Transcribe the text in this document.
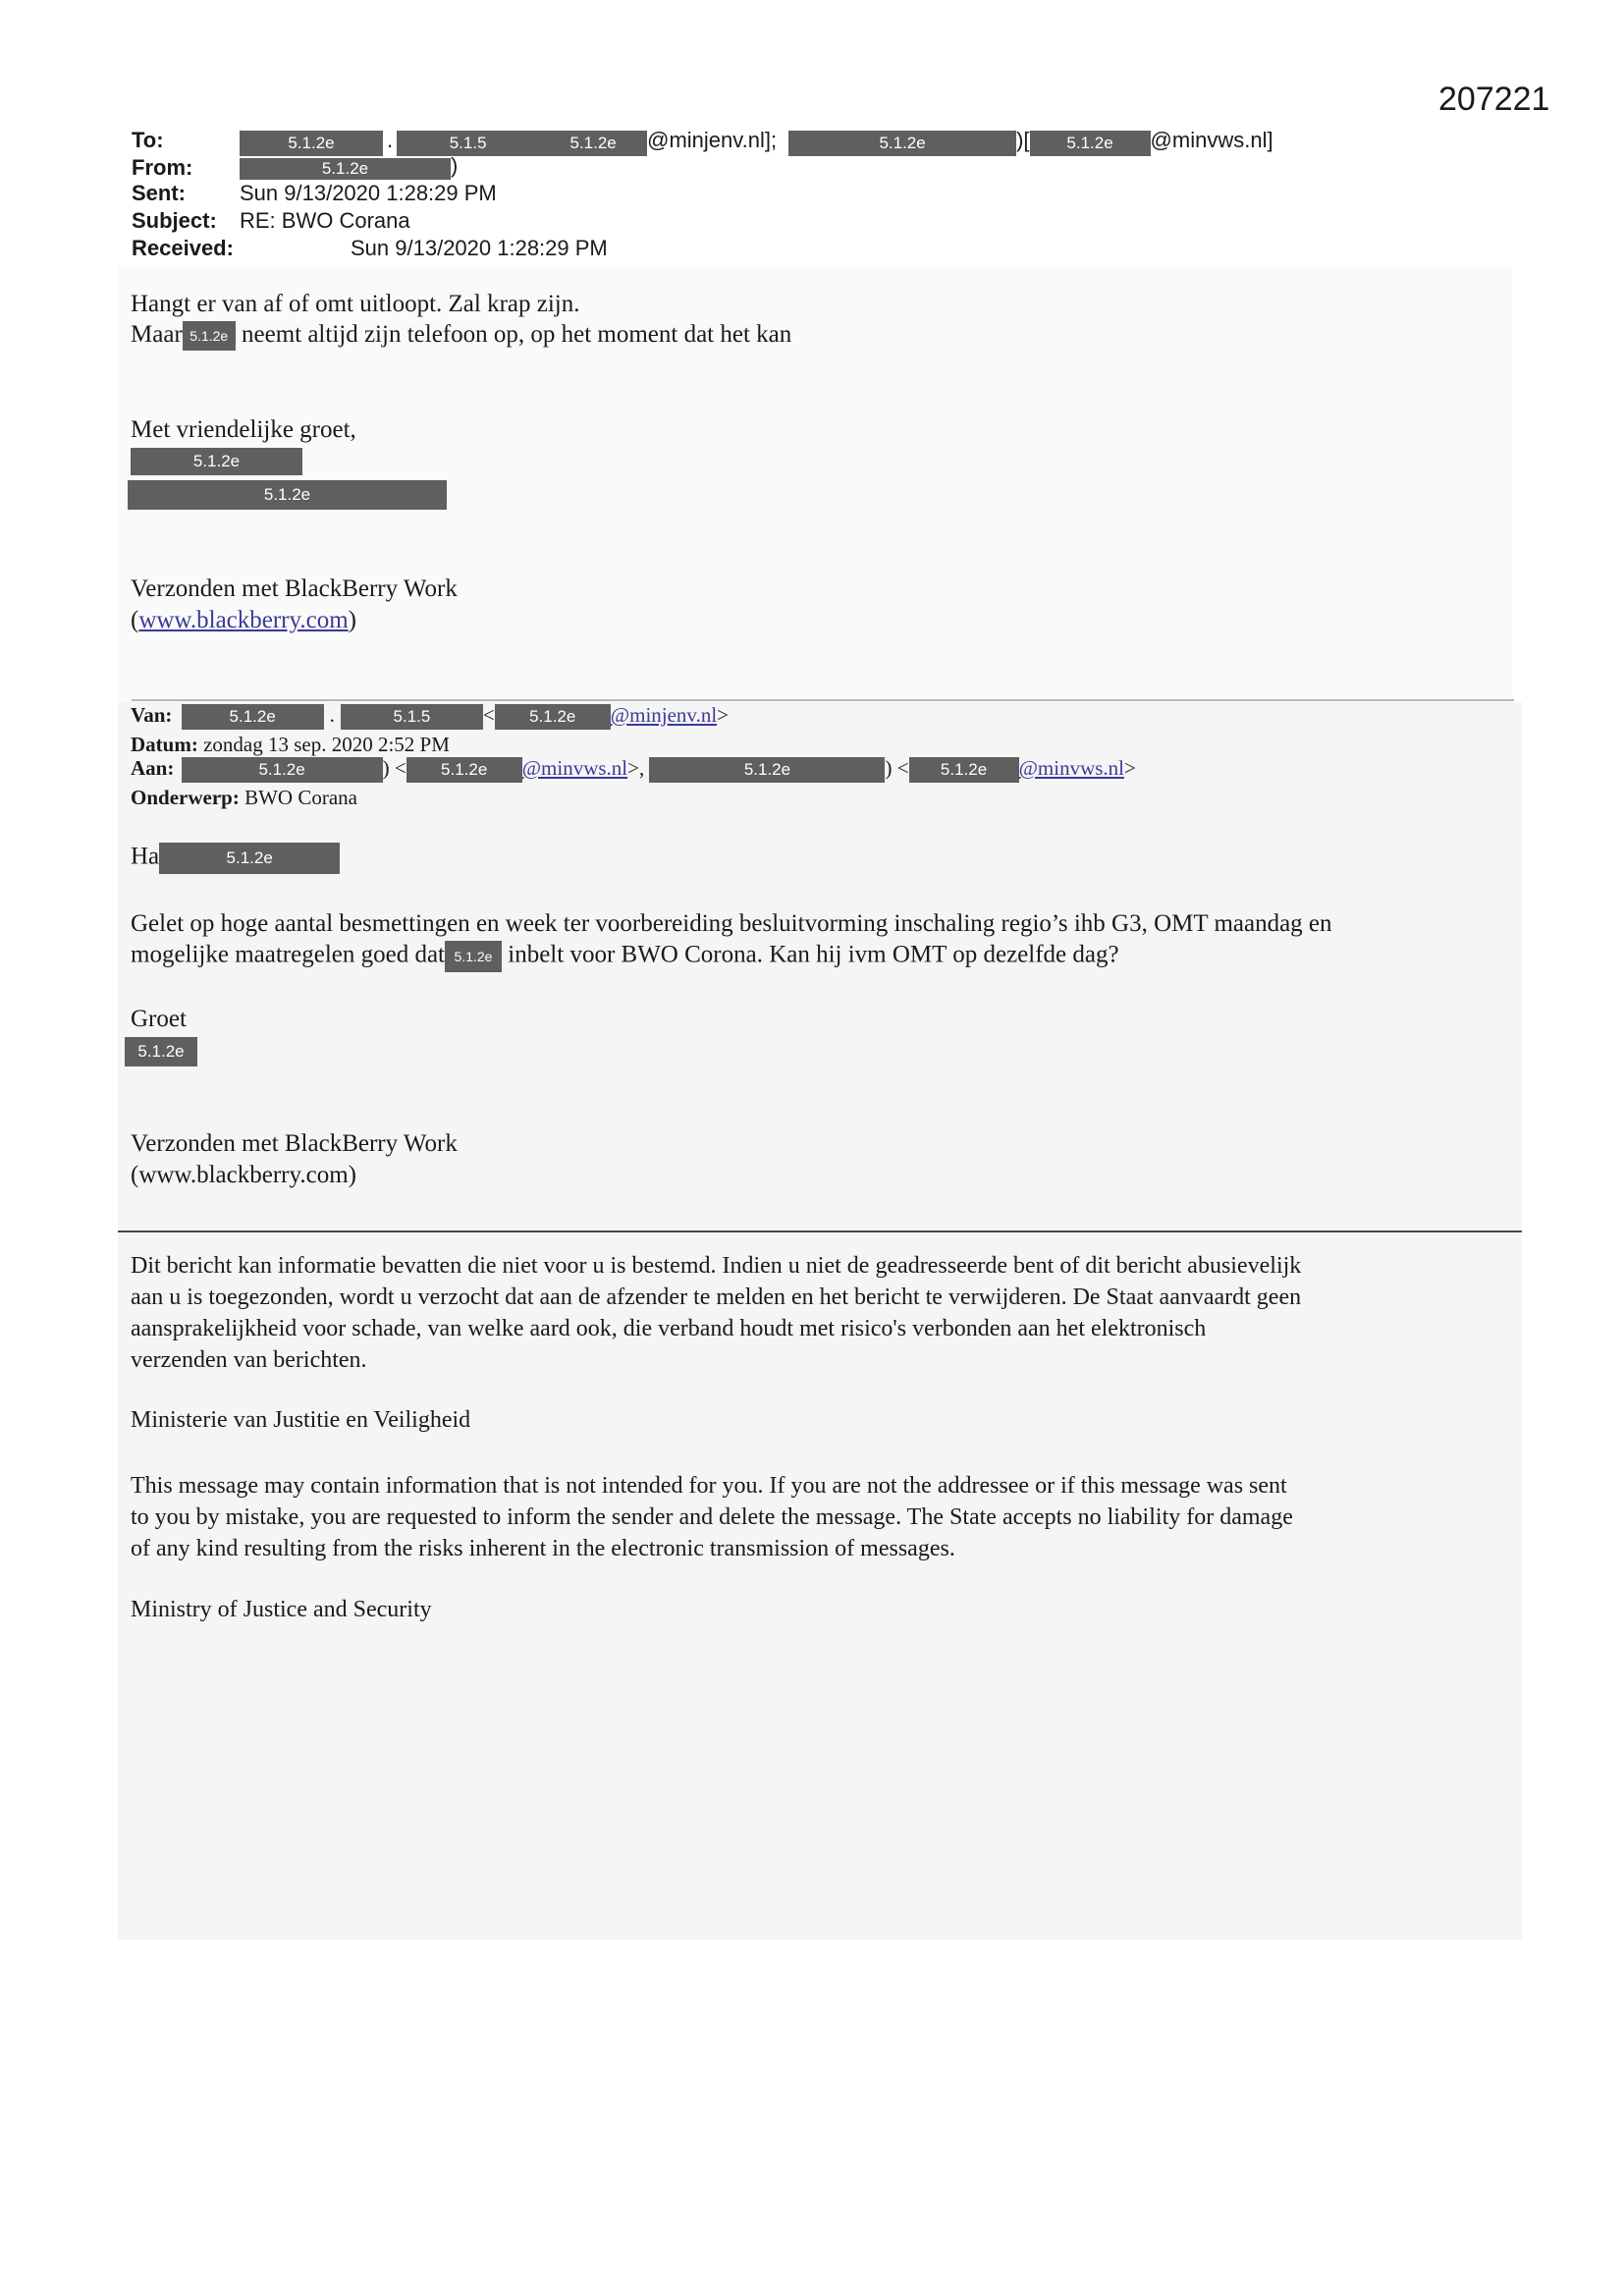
207221
To:	5.1.2e .	5.1.5	5.1.2e @minjenv.nl];	5.1.2e	)[ 5.1.2e @minvws.nl]
From:	5.1.2e	)
Sent:	Sun 9/13/2020 1:28:29 PM
Subject: RE: BWO Corana
Received:	Sun 9/13/2020 1:28:29 PM
Hangt er van af of omt uitloopt. Zal krap zijn.
Maar 5.1.2e neemt altijd zijn telefoon op, op het moment dat het kan
Met vriendelijke groet,
5.1.2e
5.1.2e
Verzonden met BlackBerry Work
(www.blackberry.com)
Van:	5.1.2e	.	5.1.5	< 5.1.2e @minjenv.nl>
Datum: zondag 13 sep. 2020 2:52 PM
Aan:	5.1.2e	) < 5.1.2e @minvws.nl>,	5.1.2e	) < 5.1.2e @minvws.nl>
Onderwerp: BWO Corana
Ha	5.1.2e
Gelet op hoge aantal besmettingen en week ter voorbereiding besluitvorming inschaling regio’s ihb G3, OMT maandag en
mogelijke maatregelen goed dat 5.1.2e inbelt voor BWO Corona. Kan hij ivm OMT op dezelfde dag?
Groet
5.1.2e
Verzonden met BlackBerry Work
(www.blackberry.com)
Dit bericht kan informatie bevatten die niet voor u is bestemd. Indien u niet de geadresseerde bent of dit bericht abusievelijk
aan u is toegezonden, wordt u verzocht dat aan de afzender te melden en het bericht te verwijderen. De Staat aanvaardt geen
aansprakelijkheid voor schade, van welke aard ook, die verband houdt met risico's verbonden aan het elektronisch
verzenden van berichten.
Ministerie van Justitie en Veiligheid
This message may contain information that is not intended for you. If you are not the addressee or if this message was sent
to you by mistake, you are requested to inform the sender and delete the message. The State accepts no liability for damage
of any kind resulting from the risks inherent in the electronic transmission of messages.
Ministry of Justice and Security
